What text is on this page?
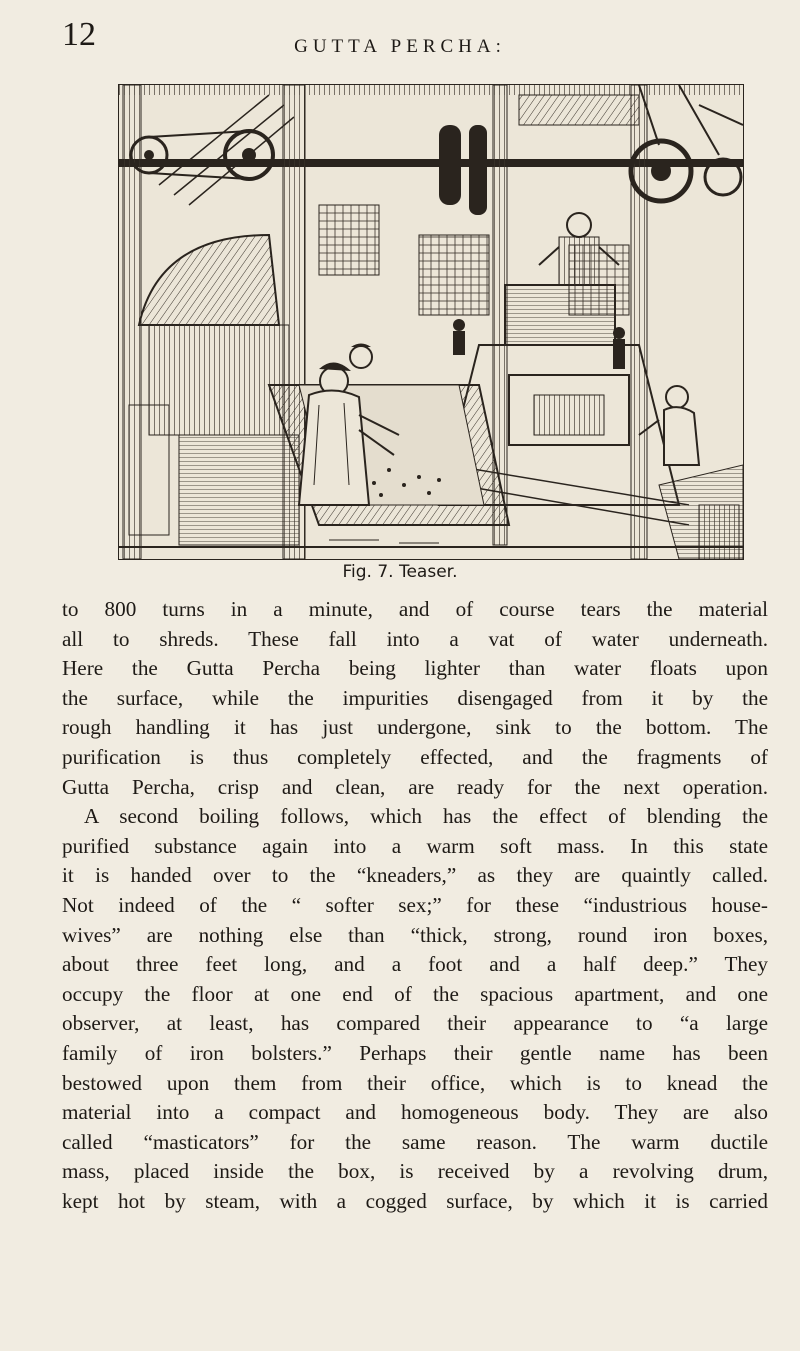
12	GUTTA PERCHA:
Fig. 7. Teaser.
to 800 turns in a minute, and of course tears the material
all to shreds. These fall into a vat of water underneath.
Here the Gutta Percha being lighter than water floats upon
the surface, while the impurities disengaged from it by the
rough handling it has just undergone, sink to the bottom. The
purification is thus completely effected, and the fragments of
Gutta Percha, crisp and clean, are ready for the next operation.
A second boiling follows, which has the effect of blending the
purified substance again into a warm soft mass. In this state
it is handed over to the “kneaders,” as they are quaintly called.
Not indeed of the “ softer sex;” for these “industrious house-
wives” are nothing else than “thick, strong, round iron boxes,
about three feet long, and a foot and a half deep.” They
occupy the floor at one end of the spacious apartment, and one
observer, at least, has compared their appearance to “a large
family of iron bolsters.” Perhaps their gentle name has been
bestowed upon them from their office, which is to knead the
material into a compact and homogeneous body. They are also
called “masticators” for the same reason. The warm ductile
mass, placed inside the box, is received by a revolving drum,
kept hot by steam, with a cogged surface, by which it is carried
